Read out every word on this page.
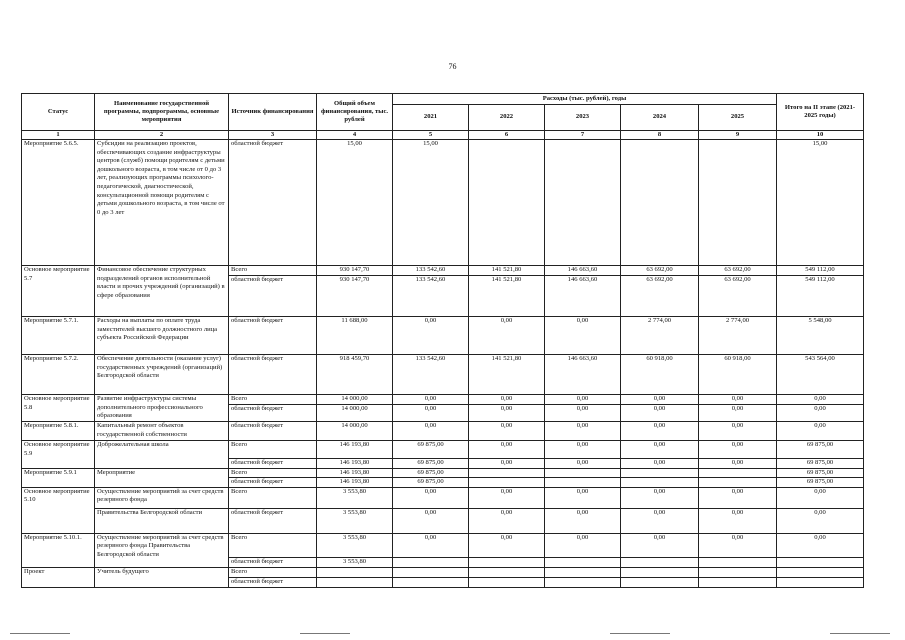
76
Статус	Наименование государственной программы, подпрограммы, основные мероприятия	Источник финансирования	Общий объем финансирования, тыс. рублей	Расходы (тыс. рублей), годы					Итого на II этапе (2021-2025 годы)
				2021	2022	2023	2024	2025	
1	2	3	4	5	6	7	8	9	10
Мероприятие 5.6.5.	Субсидии на реализацию проектов, обеспечивающих создание инфраструктуры центров (служб) помощи родителям с детьми дошкольного возраста, в том числе от 0 до 3 лет, реализующих программы психолого-педагогической, диагностической, консультационной помощи родителям с детьми дошкольного возраста, в том числе от 0 до 3 лет	областной бюджет	15,00	15,00					15,00
Основное мероприятие 5.7	Финансовое обеспечение структурных подразделений органов исполнительной власти и прочих учреждений (организаций) в сфере образования	Всего	930 147,70	133 542,60	141 521,80	146 663,60	63 692,00	63 692,00	549 112,00
		областной бюджет	930 147,70	133 542,60	141 521,80	146 663,60	63 692,00	63 692,00	549 112,00
Мероприятие 5.7.1.	Расходы на выплаты по оплате труда заместителей высшего должностного лица субъекта Российской Федерации	областной бюджет	11 688,00	0,00	0,00	0,00	2 774,00	2 774,00	5 548,00
Мероприятие 5.7.2.	Обеспечение деятельности (оказание услуг) государственных учреждений (организаций) Белгородской области	областной бюджет	918 459,70	133 542,60	141 521,80	146 663,60	60 918,00	60 918,00	543 564,00
Основное мероприятие 5.8	Развитие инфраструктуры системы дополнительного профессионального образования	Всего	14 000,00	0,00	0,00	0,00	0,00	0,00	0,00
		областной бюджет	14 000,00	0,00	0,00	0,00	0,00	0,00	0,00
Мероприятие 5.8.1.	Капитальный ремонт объектов государственной собственности	областной бюджет	14 000,00	0,00	0,00	0,00	0,00	0,00	0,00
Основное мероприятие 5.9	Доброжелательная школа	Всего	146 193,80	69 875,00	0,00	0,00	0,00	0,00	69 875,00
		областной бюджет	146 193,80	69 875,00	0,00	0,00	0,00	0,00	69 875,00
Мероприятие 5.9.1	Мероприятие	Всего	146 193,80	69 875,00					69 875,00
		областной бюджет	146 193,80	69 875,00					69 875,00
Основное мероприятие 5.10	Осуществление мероприятий за счет средств резервного фонда	Всего	3 553,80	0,00	0,00	0,00	0,00	0,00	0,00
	Правительства Белгородской области	областной бюджет	3 553,80	0,00	0,00	0,00	0,00	0,00	0,00
Мероприятие 5.10.1.	Осуществление мероприятий за счет средств резервного фонда Правительства Белгородской области	Всего	3 553,80	0,00	0,00	0,00	0,00	0,00	0,00
		областной бюджет	3 553,80						
Проект	Учитель будущего	Всего							
		областной бюджет							
